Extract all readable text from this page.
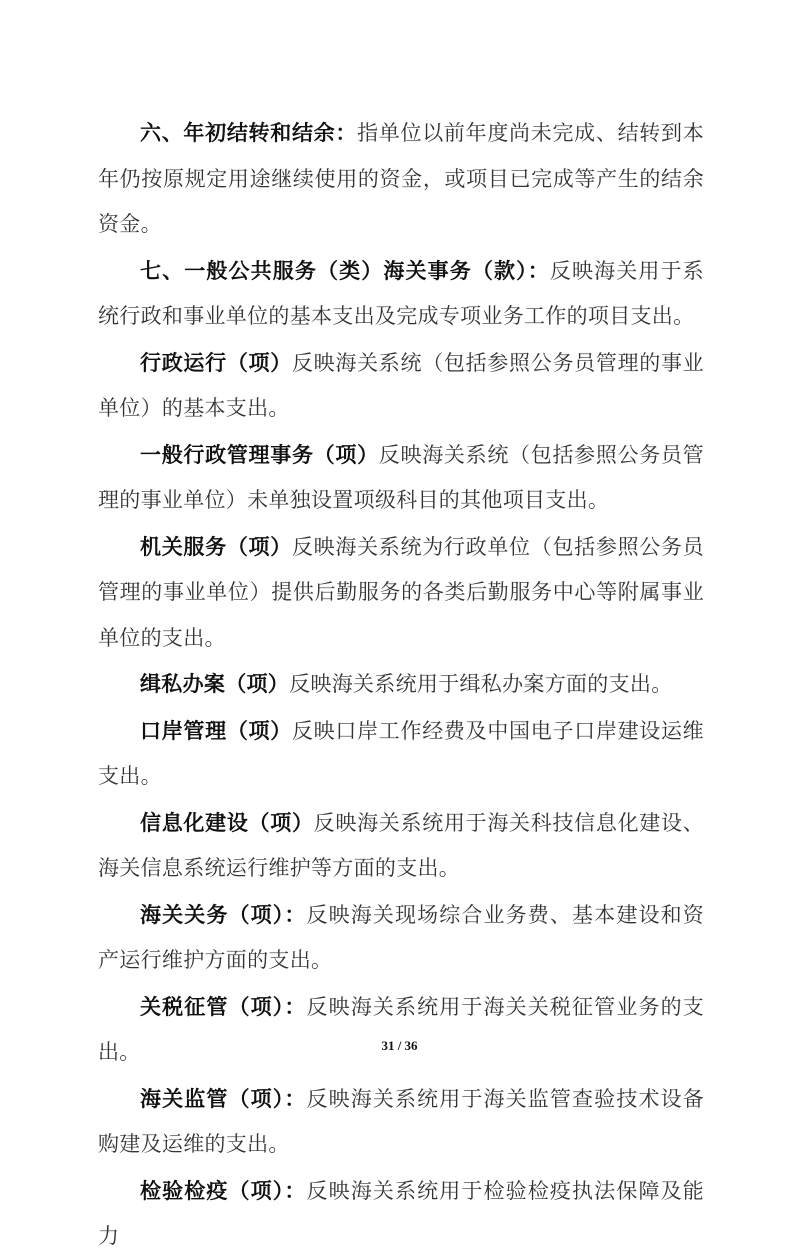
六、年初结转和结余：指单位以前年度尚未完成、结转到本年仍按原规定用途继续使用的资金，或项目已完成等产生的结余资金。

七、一般公共服务（类）海关事务（款）：反映海关用于系统行政和事业单位的基本支出及完成专项业务工作的项目支出。

行政运行（项）反映海关系统（包括参照公务员管理的事业单位）的基本支出。

一般行政管理事务（项）反映海关系统（包括参照公务员管理的事业单位）未单独设置项级科目的其他项目支出。

机关服务（项）反映海关系统为行政单位（包括参照公务员管理的事业单位）提供后勤服务的各类后勤服务中心等附属事业单位的支出。

缉私办案（项）反映海关系统用于缉私办案方面的支出。

口岸管理（项）反映口岸工作经费及中国电子口岸建设运维支出。

信息化建设（项）反映海关系统用于海关科技信息化建设、海关信息系统运行维护等方面的支出。

海关关务（项）：反映海关现场综合业务费、基本建设和资产运行维护方面的支出。

关税征管（项）：反映海关系统用于海关关税征管业务的支出。

海关监管（项）：反映海关系统用于海关监管查验技术设备购建及运维的支出。

检验检疫（项）：反映海关系统用于检验检疫执法保障及能力

31 / 36
